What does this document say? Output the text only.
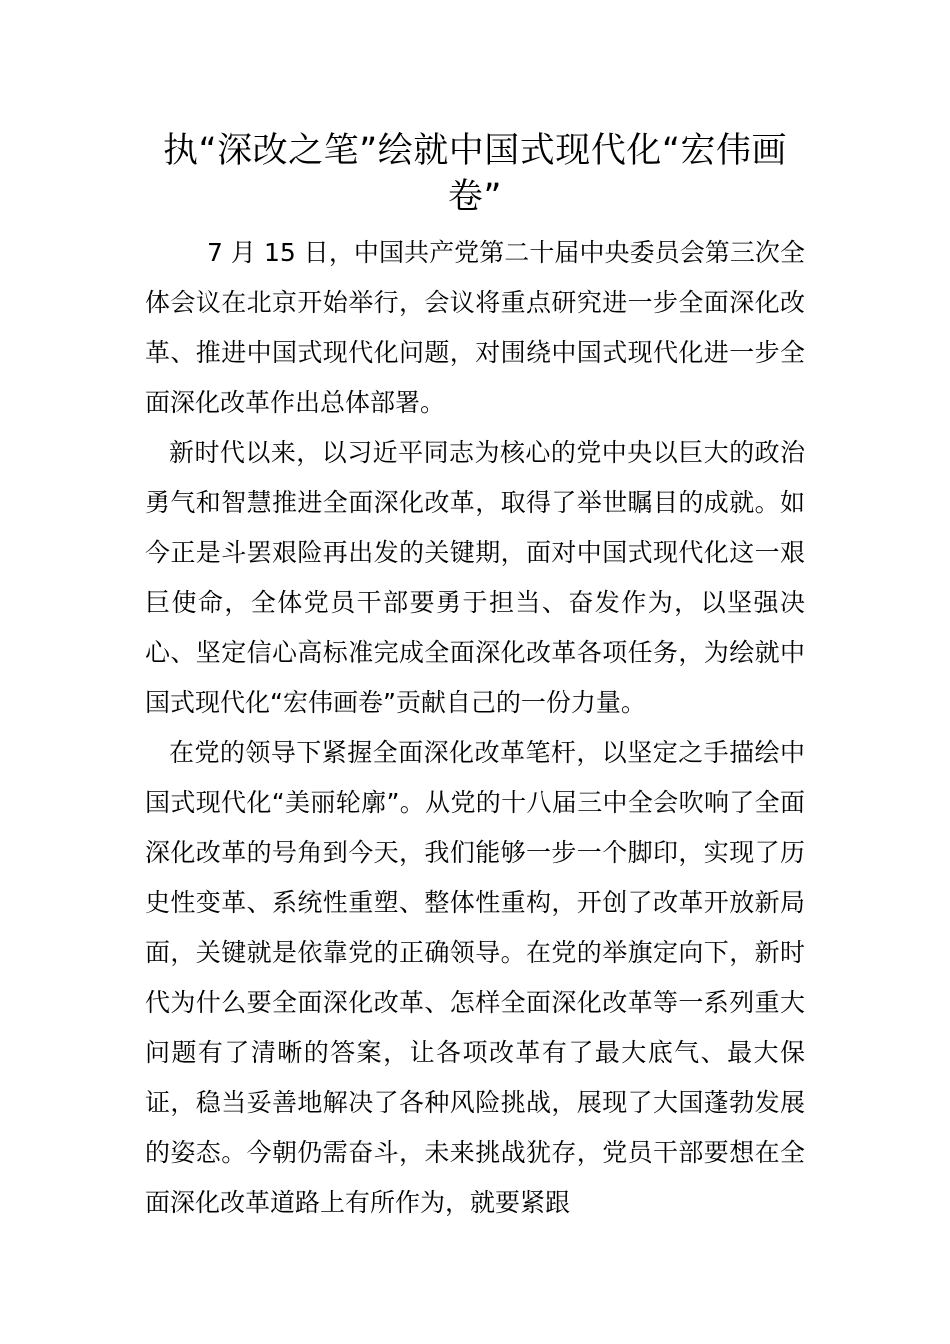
执“深改之笔”绘就中国式现代化“宏伟画卷”

7 月 15 日，中国共产党第二十届中央委员会第三次全体会议在北京开始举行，会议将重点研究进一步全面深化改革、推进中国式现代化问题，对围绕中国式现代化进一步全面深化改革作出总体部署。

新时代以来，以习近平同志为核心的党中央以巨大的政治勇气和智慧推进全面深化改革，取得了举世瞩目的成就。如今正是斗罢艰险再出发的关键期，面对中国式现代化这一艰巨使命，全体党员干部要勇于担当、奋发作为，以坚强决心、坚定信心高标准完成全面深化改革各项任务，为绘就中国式现代化“宏伟画卷”贡献自己的一份力量。

在党的领导下紧握全面深化改革笔杆，以坚定之手描绘中国式现代化“美丽轮廓”。从党的十八届三中全会吹响了全面深化改革的号角到今天，我们能够一步一个脚印，实现了历史性变革、系统性重塑、整体性重构，开创了改革开放新局面，关键就是依靠党的正确领导。在党的举旗定向下，新时代为什么要全面深化改革、怎样全面深化改革等一系列重大问题有了清晰的答案，让各项改革有了最大底气、最大保证，稳当妥善地解决了各种风险挑战，展现了大国蓬勃发展的姿态。今朝仍需奋斗，未来挑战犹存，党员干部要想在全面深化改革道路上有所作为，就要紧跟
